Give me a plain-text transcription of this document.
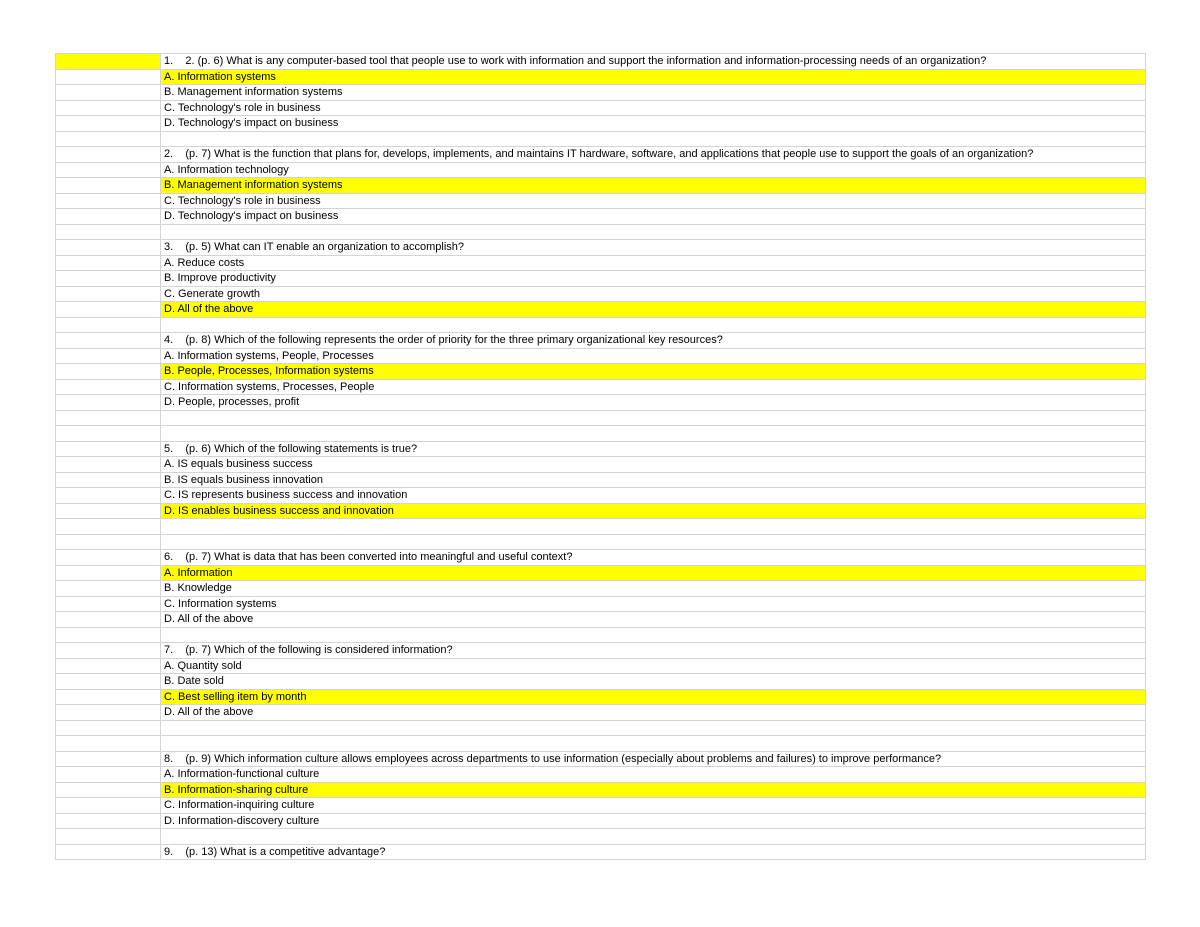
	1.    2. (p. 6) What is any computer-based tool that people use to work with information and support the information and information-processing needs of an organization?
	A. Information systems
	B. Management information systems
	C. Technology's role in business
	D. Technology's impact on business

	2.    (p. 7) What is the function that plans for, develops, implements, and maintains IT hardware, software, and applications that people use to support the goals of an organization?
	A. Information technology
	B. Management information systems
	C. Technology's role in business
	D. Technology's impact on business

	3.    (p. 5) What can IT enable an organization to accomplish?
	A. Reduce costs
	B. Improve productivity
	C. Generate growth
	D. All of the above

	4.    (p. 8) Which of the following represents the order of priority for the three primary organizational key resources?
	A. Information systems, People, Processes
	B. People, Processes, Information systems
	C. Information systems, Processes, People
	D. People, processes, profit

	5.    (p. 6) Which of the following statements is true?
	A. IS equals business success
	B. IS equals business innovation
	C. IS represents business success and innovation
	D. IS enables business success and innovation

	6.    (p. 7) What is data that has been converted into meaningful and useful context?
	A. Information
	B. Knowledge
	C. Information systems
	D. All of the above

	7.    (p. 7) Which of the following is considered information?
	A. Quantity sold
	B. Date sold
	C. Best selling item by month
	D. All of the above

	8.    (p. 9) Which information culture allows employees across departments to use information (especially about problems and failures) to improve performance?
	A. Information-functional culture
	B. Information-sharing culture
	C. Information-inquiring culture
	D. Information-discovery culture

	9.    (p. 13) What is a competitive advantage?
